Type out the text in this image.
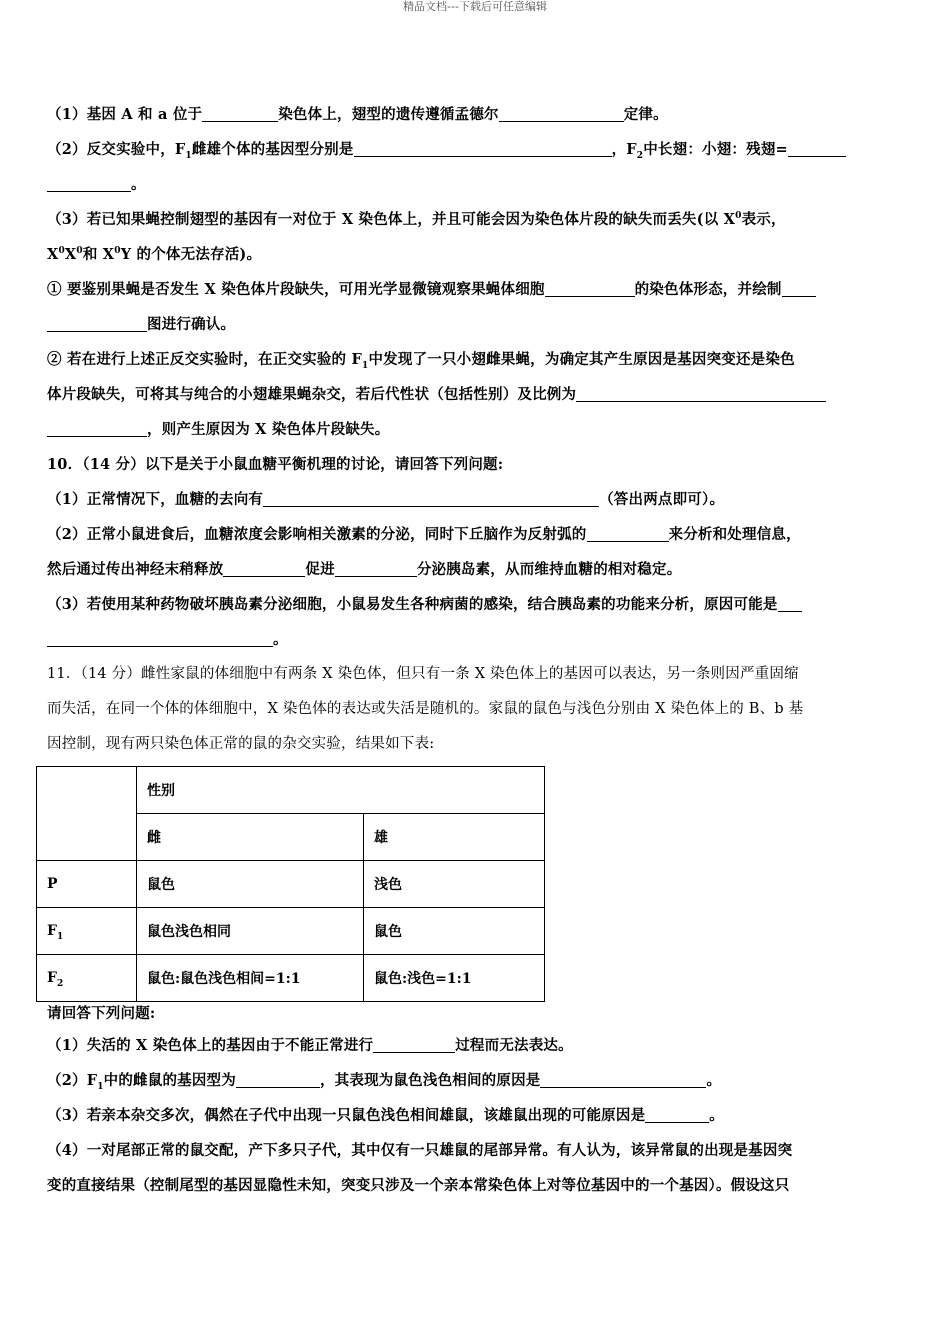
精品文档---下载后可任意编辑
（1）基因 A 和 a 位于	染色体上，翅型的遗传遵循孟德尔	定律。
（2）反交实验中，$F_1$雌雄个体的基因型分别是	，$F_2$中长翅：小翅：残翅=
。
（3）若已知果蝇控制翅型的基因有一对位于 X 染色体上，并且可能会因为染色体片段的缺失而丢失(以 $X^0$表示，
$X^0X^0$和 $X^0Y$ 的个体无法存活)。
① 要鉴别果蝇是否发生 X 染色体片段缺失，可用光学显微镜观察果蝇体细胞	的染色体形态，并绘制
图进行确认。
② 若在进行上述正反交实验时，在正交实验的 $F_1$中发现了一只小翅雌果蝇，为确定其产生原因是基因突变还是染色
体片段缺失，可将其与纯合的小翅雄果蝇杂交，若后代性状（包括性别）及比例为
，则产生原因为 X 染色体片段缺失。
10．（14 分）以下是关于小鼠血糖平衡机理的讨论，请回答下列问题:
（1）正常情况下，血糖的去向有	（答出两点即可）。
（2）正常小鼠进食后，血糖浓度会影响相关激素的分泌，同时下丘脑作为反射弧的	来分析和处理信息，
然后通过传出神经末稍释放	促进	分泌胰岛素，从而维持血糖的相对稳定。
（3）若使用某种药物破坏胰岛素分泌细胞，小鼠易发生各种病菌的感染，结合胰岛素的功能来分析，原因可能是
。
11．（14 分）雌性家鼠的体细胞中有两条 X 染色体，但只有一条 X 染色体上的基因可以表达，另一条则因严重固缩
而失活，在同一个体的体细胞中，X 染色体的表达或失活是随机的。家鼠的鼠色与浅色分别由 X 染色体上的 B、b 基
因控制，现有两只染色体正常的鼠的杂交实验，结果如下表:
	性别	
	雌	雄
P	鼠色	浅色
$F_1$	鼠色浅色相同	鼠色
$F_2$	鼠色:鼠色浅色相间=1:1	鼠色:浅色=1:1
请回答下列问题:
（1）失活的 X 染色体上的基因由于不能正常进行	过程而无法表达。
$(2)F_1$中的雌鼠的基因型为	，其表现为鼠色浅色相间的原因是	。
（3）若亲本杂交多次，偶然在子代中出现一只鼠色浅色相间雄鼠，该雄鼠出现的可能原因是	。
（4）一对尾部正常的鼠交配，产下多只子代，其中仅有一只雄鼠的尾部异常。有人认为，该异常鼠的出现是基因突
变的直接结果（控制尾型的基因显隐性未知，突变只涉及一个亲本常染色体上对等位基因中的一个基因）。假设这只
